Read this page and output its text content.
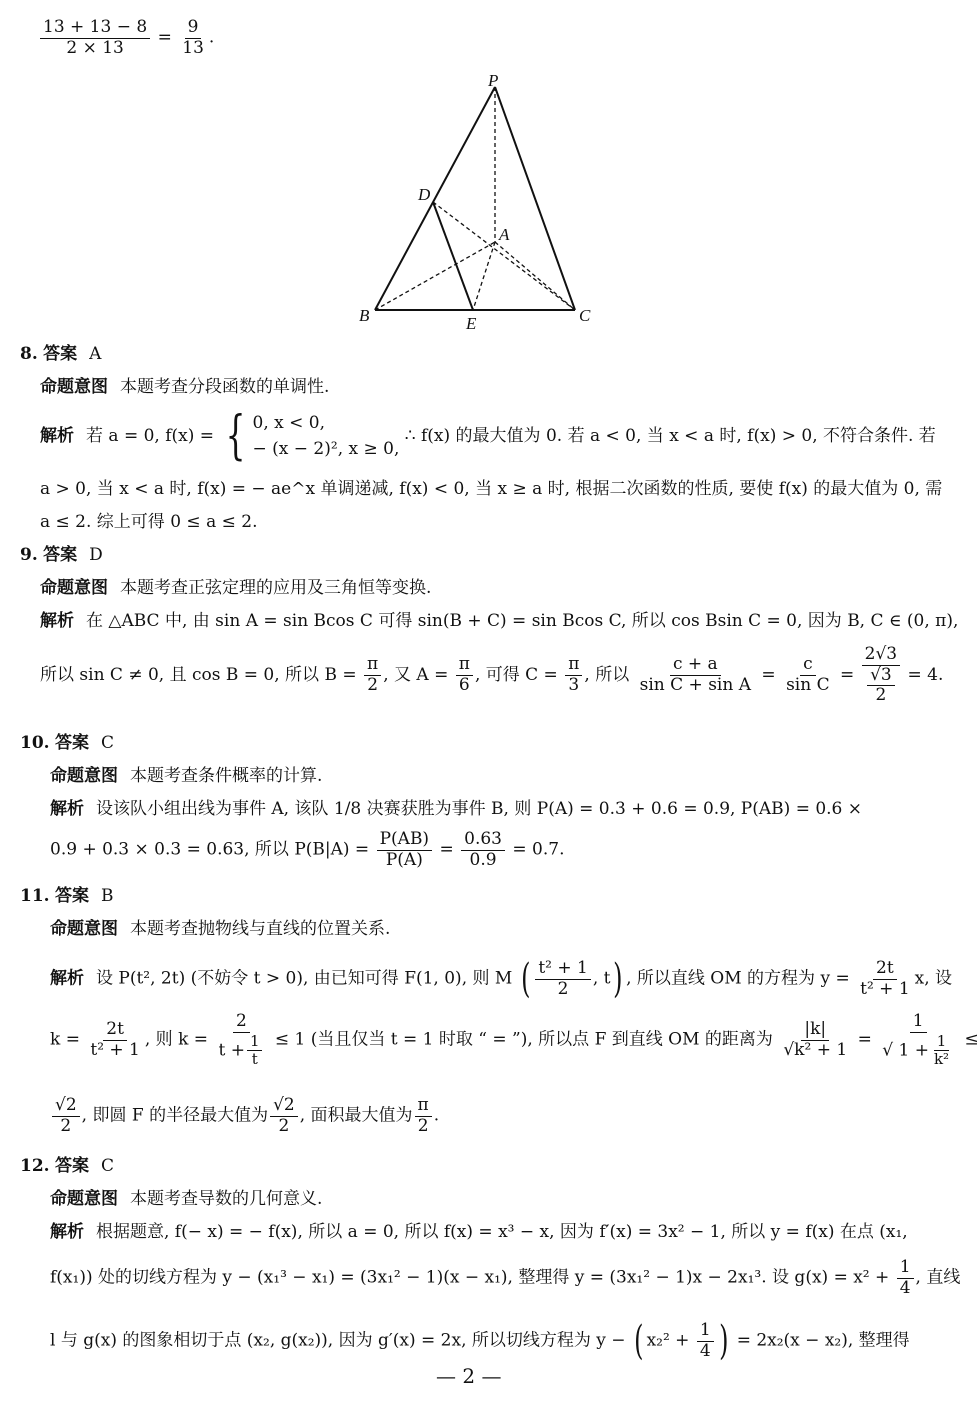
$\frac{13 + 13 - 8}{2 \times 13} = \frac{9}{13}$ .
P
D
A
B	E	C
8. 答案 A
命题意图 本题考查分段函数的单调性.
解析 若 a = 0, f(x) = { 0, x < 0,
− (x − 2)², x ≥ 0,
∴ f(x) 的最大值为 0. 若 a < 0, 当 x < a 时, f(x) > 0, 不符合条件. 若
a > 0, 当 x < a 时, f(x) = − ae^x 单调递减, f(x) < 0, 当 x ≥ a 时, 根据二次函数的性质, 要使 f(x) 的最大值为 0, 需
a ≤ 2. 综上可得 0 ≤ a ≤ 2.
9. 答案 D
命题意图 本题考查正弦定理的应用及三角恒等变换.
解析 在 △ABC 中, 由 sin A = sin Bcos C 可得 sin(B + C) = sin Bcos C, 所以 cos Bsin C = 0, 因为 B, C ∈ (0, π),
所以 sin C ≠ 0, 且 cos B = 0, 所以 $B = \frac{\pi}{2}$ , 又 $A = \frac{\pi}{6}$ , 可得 $C = \frac{\pi}{3}$ , 所以 $\frac{c + a}{\text{sin C + sin A}} = \frac{c}{\text{sin C}} = \frac{2√3}{\frac{√3}{2}} = 4$.
10. 答案 C
命题意图 本题考查条件概率的计算.
解析 设该队小组出线为事件 A, 该队 1/8 决赛获胜为事件 B, 则 P(A) = 0.3 + 0.6 = 0.9, P(AB) = 0.6 ×
0.9 + 0.3 × 0.3 = 0.63, 所以 $P(B|A) = \frac{P(AB)}{P(A)} = \frac{0.63}{0.9} = 0.7$.
11. 答案 B
命题意图 本题考查抛物线与直线的位置关系.
解析 设 P(t², 2t) (不妨令 t > 0), 由已知可得 F(1, 0), 则 M ( $\frac{\text{t² + 1}}{2}$ , t) , 所以直线 OM 的方程为 $y = \frac{2t}{\text{t² + 1}} x$, 设
$k = \frac{2t}{\text{t² + 1}}$ , 则 $k = \frac{2}{t + \frac{1}{t}} \le 1$ (当且仅当 t = 1 时取 “ = ”), 所以点 F 到直线 OM 的距离为 $\frac{|k|}{\text{√k² + 1}} = \frac{1}{√ 1 + \frac{1}{\text{k²}}}$ ≤
$\frac{√2}{2}$ , 即圆 F 的半径最大值为 $\frac{√2}{2}$ , 面积最大值为 $\frac{\pi}{2}$ .
12. 答案 C
命题意图 本题考查导数的几何意义.
解析 根据题意, f(− x) = − f(x), 所以 a = 0, 所以 f(x) = x³ − x, 因为 f′(x) = 3x² − 1, 所以 y = f(x) 在点 (x₁,
f(x₁)) 处的切线方程为 y − (x₁³ − x₁) = (3x₁² − 1)(x − x₁), 整理得 y = (3x₁² − 1)x − 2x₁³. 设 $g(x) = x^2 + \frac{1}{4}$ , 直线
l 与 g(x) 的图象相切于点 (x₂, g(x₂)), 因为 g′(x) = 2x, 所以切线方程为 y − ( $x_2^2 + \frac{1}{4}$ ) = 2x₂(x − x₂), 整理得
— 2 —
